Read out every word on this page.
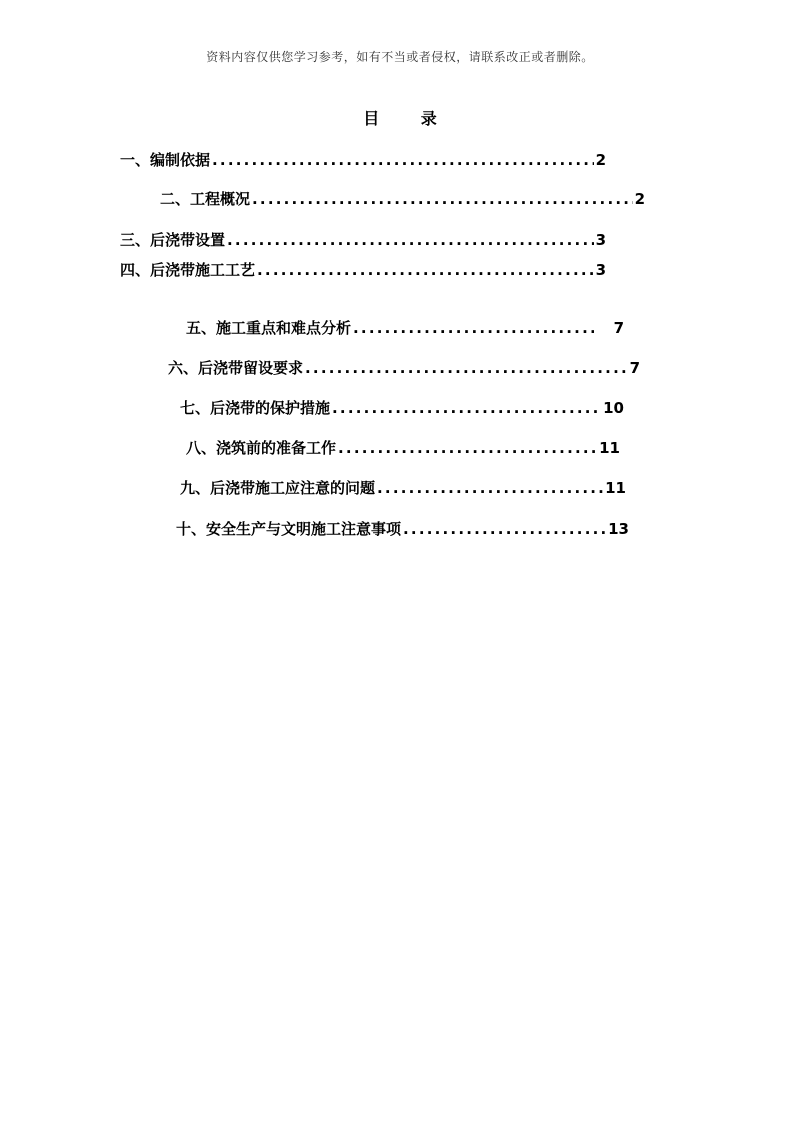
资料内容仅供您学习参考，如有不当或者侵权，请联系改正或者删除。
目 录
一、 编制依据 .....	2
二、 工程概况 .....	2
三、 后浇带设置 .....	3
四、 后浇带施工工艺 .....	3
五、 施工重点和难点分析 .....	7
六、 后浇带留设要求 .....	7
七、 后浇带的保护措施 .....	10
八、 浇筑前的准备工作 .....	11
九、 后浇带施工应注意的问题 .....	11
十、 安全生产与文明施工注意事项 .....	13
